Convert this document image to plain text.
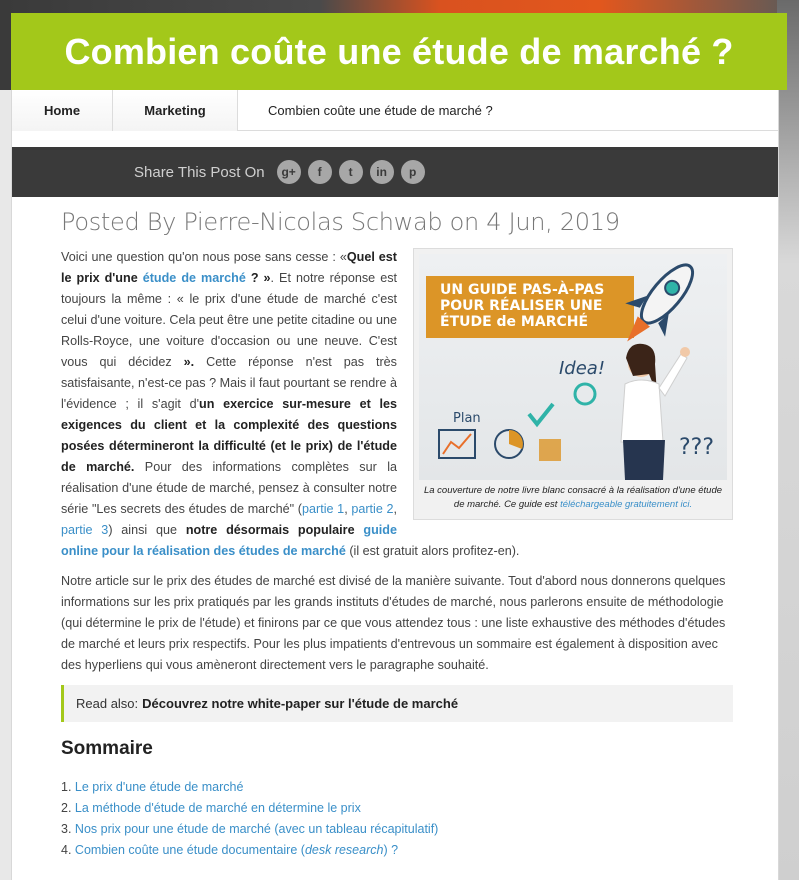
Combien coûte une étude de marché ?
Home	Marketing	Combien coûte une étude de marché ?
Share This Post On	g+	f	t	in	p
Posted By Pierre-Nicolas Schwab on 4 Jun, 2019
UN GUIDE PAS-À-PAS POUR RÉALISER UNE ÉTUDE de MARCHÉ
Idea!
Plan
???
La couverture de notre livre blanc consacré à la réalisation d'une étude de marché. Ce guide est téléchargeable gratuitement ici.

Voici une question qu'on nous pose sans cesse : «Quel est le prix d'une étude de marché ? ». Et notre réponse est toujours la même : « le prix d'une étude de marché c'est celui d'une voiture. Cela peut être une petite citadine ou une Rolls-Royce, une voiture d'occasion ou une neuve. C'est vous qui décidez ». Cette réponse n'est pas très satisfaisante, n'est-ce pas ? Mais il faut pourtant se rendre à l'évidence ; il s'agit d'un exercice sur-mesure et les exigences du client et la complexité des questions posées détermineront la difficulté (et le prix) de l'étude de marché. Pour des informations complètes sur la réalisation d'une étude de marché, pensez à consulter notre série "Les secrets des études de marché" (partie 1, partie 2, partie 3) ainsi que notre désormais populaire guide online pour la réalisation des études de marché (il est gratuit alors profitez-en).

Notre article sur le prix des études de marché est divisé de la manière suivante. Tout d'abord nous donnerons quelques informations sur les prix pratiqués par les grands instituts d'études de marché, nous parlerons ensuite de méthodologie (qui détermine le prix de l'étude) et finirons par ce que vous attendez tous : une liste exhaustive des méthodes d'études de marché et leurs prix respectifs. Pour les plus impatients d'entrevous un sommaire est également à disposition avec des hyperliens qui vous amèneront directement vers le paragraphe souhaité.

Read also: Découvrez notre white-paper sur l'étude de marché
Sommaire
1. Le prix d'une étude de marché
2. La méthode d'étude de marché en détermine le prix
3. Nos prix pour une étude de marché (avec un tableau récapitulatif)
4. Combien coûte une étude documentaire (desk research) ?
